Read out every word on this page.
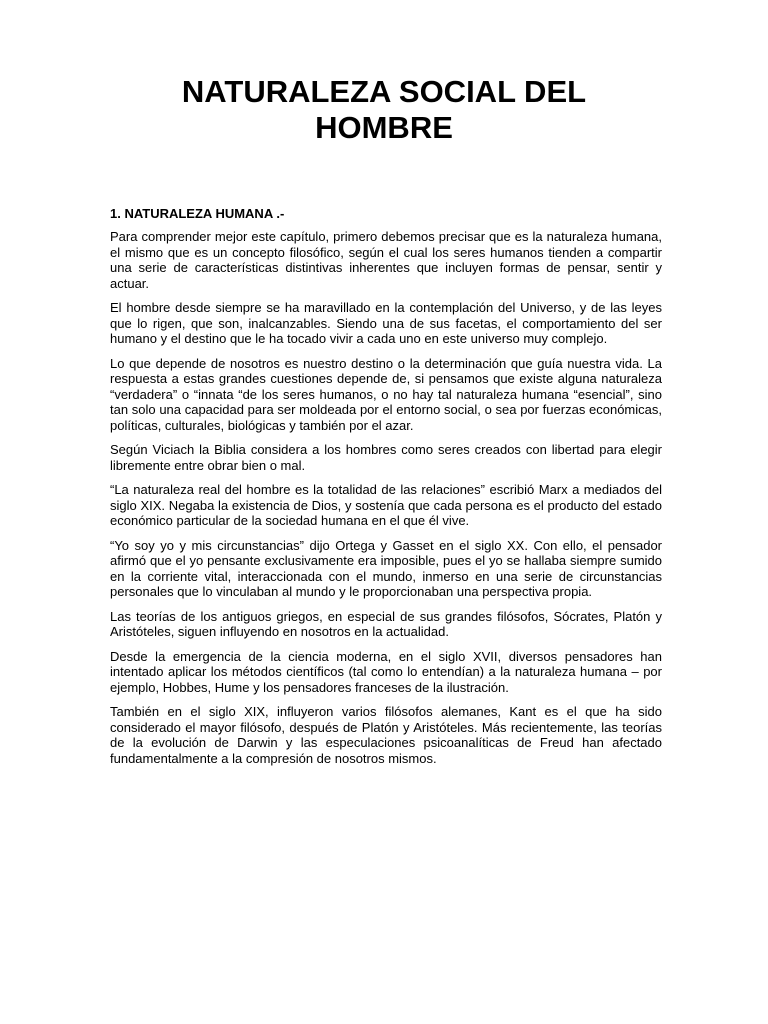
NATURALEZA SOCIAL DEL
HOMBRE
1. NATURALEZA HUMANA .-

Para comprender mejor este capítulo, primero debemos precisar que es la naturaleza humana, el mismo que es un concepto filosófico, según el cual los seres humanos tienden a compartir una serie de características distintivas inherentes que incluyen formas de pensar, sentir y actuar.

El hombre desde siempre se ha maravillado en la contemplación del Universo, y de las leyes que lo rigen, que son, inalcanzables. Siendo una de sus facetas, el comportamiento del ser humano y el destino que le ha tocado vivir a cada uno en este universo muy complejo.

Lo que depende de nosotros es nuestro destino o la determinación que guía nuestra vida. La respuesta a estas grandes cuestiones depende de, si pensamos que existe alguna naturaleza “verdadera” o “innata “de los seres humanos, o no hay tal naturaleza humana “esencial”, sino tan solo una capacidad para ser moldeada por el entorno social, o sea por fuerzas económicas, políticas, culturales, biológicas y también por el azar.

Según Viciach la Biblia considera a los hombres como seres creados con libertad para elegir libremente entre obrar bien o mal.

“La naturaleza real del hombre es la totalidad de las relaciones” escribió Marx a mediados del siglo XIX. Negaba la existencia de Dios, y sostenía que cada persona es el producto del estado económico particular de la sociedad humana en el que él vive.

“Yo soy yo y mis circunstancias” dijo Ortega y Gasset en el siglo XX. Con ello, el pensador afirmó que el yo pensante exclusivamente era imposible, pues el yo se hallaba siempre sumido en la corriente vital, interaccionada con el mundo, inmerso en una serie de circunstancias personales que lo vinculaban al mundo y le proporcionaban una perspectiva propia.

Las teorías de los antiguos griegos, en especial de sus grandes filósofos, Sócrates, Platón y Aristóteles, siguen influyendo en nosotros en la actualidad.

Desde la emergencia de la ciencia moderna, en el siglo XVII, diversos pensadores han intentado aplicar los métodos científicos (tal como lo entendían) a la naturaleza humana – por ejemplo, Hobbes, Hume y los pensadores franceses de la ilustración.

También en el siglo XIX, influyeron varios filósofos alemanes, Kant es el que ha sido considerado el mayor filósofo, después de Platón y Aristóteles. Más recientemente, las teorías de la evolución de Darwin y las especulaciones psicoanalíticas de Freud han afectado fundamentalmente a la compresión de nosotros mismos.
